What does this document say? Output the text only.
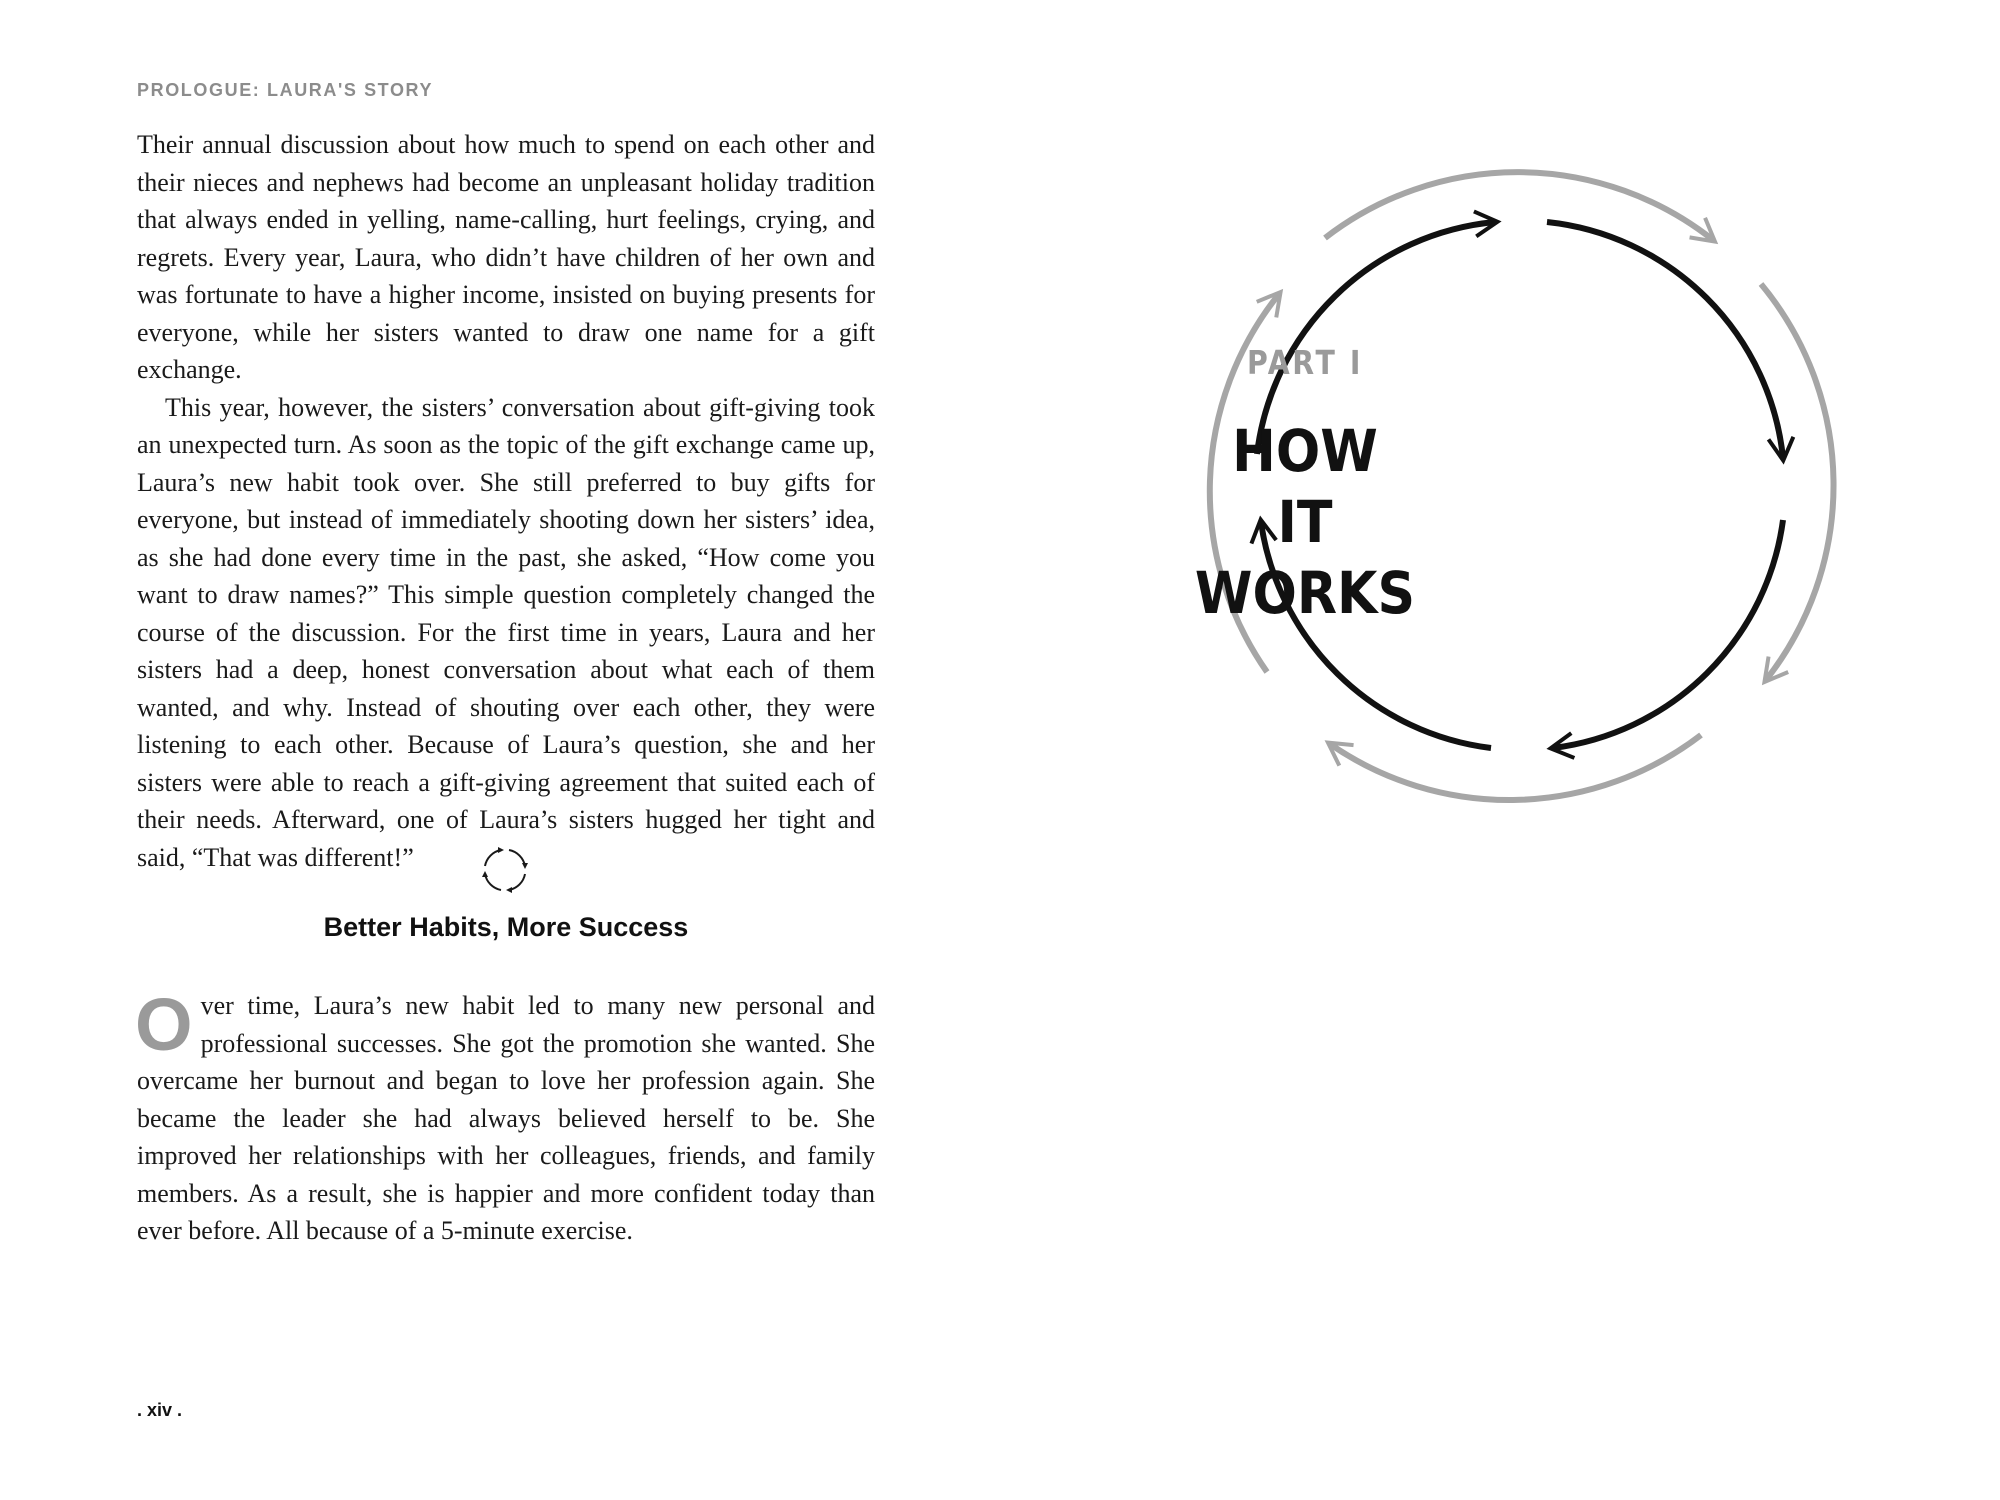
PROLOGUE: LAURA'S STORY

Their annual discussion about how much to spend on each other and their nieces and nephews had become an unpleasant holiday tradition that always ended in yelling, name-calling, hurt feelings, crying, and regrets. Every year, Laura, who didn’t have children of her own and was fortunate to have a higher income, insisted on buying presents for everyone, while her sisters wanted to draw one name for a gift exchange.

This year, however, the sisters’ conversation about gift-giving took an unexpected turn. As soon as the topic of the gift exchange came up, Laura’s new habit took over. She still preferred to buy gifts for everyone, but instead of immediately shooting down her sisters’ idea, as she had done every time in the past, she asked, “How come you want to draw names?” This simple question completely changed the course of the discussion. For the first time in years, Laura and her sisters had a deep, honest conversation about what each of them wanted, and why. Instead of shouting over each other, they were listening to each other. Because of Laura’s question, she and her sisters were able to reach a gift-giving agreement that suited each of their needs. Afterward, one of Laura’s sisters hugged her tight and said, “That was different!”

Better Habits, More Success
O ver time, Laura’s new habit led to many new personal and professional successes. She got the promotion she wanted. She overcame her burnout and began to love her profession again. She became the leader she had always believed herself to be. She improved her relationships with her colleagues, friends, and family members. As a result, she is happier and more confident today than ever before. All because of a 5-minute exercise.

. xiv .
PART I
HOW
IT
WORKS
